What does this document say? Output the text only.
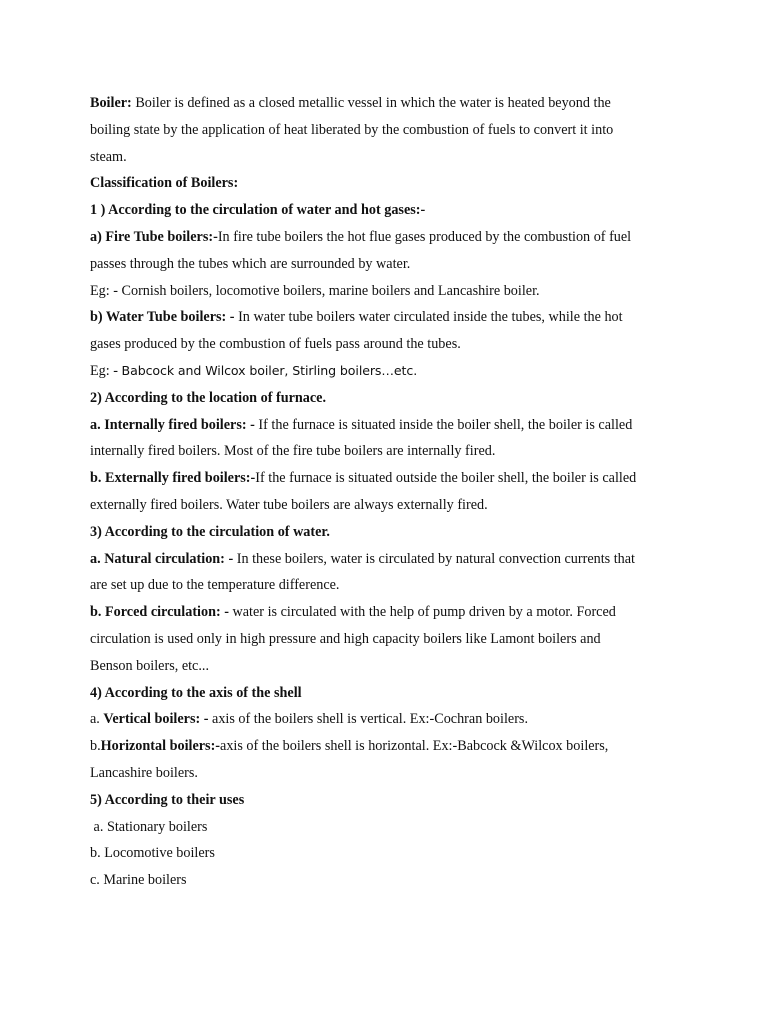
Boiler: Boiler is defined as a closed metallic vessel in which the water is heated beyond the

boiling state by the application of heat liberated by the combustion of fuels to convert it into

steam.

Classification of Boilers:

1 ) According to the circulation of water and hot gases:-

a) Fire Tube boilers:-In fire tube boilers the hot flue gases produced by the combustion of fuel

passes through the tubes which are surrounded by water.

Eg: - Cornish boilers, locomotive boilers, marine boilers and Lancashire boiler.

b) Water Tube boilers: - In water tube boilers water circulated inside the tubes, while the hot

gases produced by the combustion of fuels pass around the tubes.

Eg: - Babcock and Wilcox boiler, Stirling boilers…etc.

2) According to the location of furnace.

a. Internally fired boilers: - If the furnace is situated inside the boiler shell, the boiler is called

internally fired boilers. Most of the fire tube boilers are internally fired.

b. Externally fired boilers:-If the furnace is situated outside the boiler shell, the boiler is called

externally fired boilers. Water tube boilers are always externally fired.

3) According to the circulation of water.

a. Natural circulation: - In these boilers, water is circulated by natural convection currents that

are set up due to the temperature difference.

b. Forced circulation: - water is circulated with the help of pump driven by a motor. Forced

circulation is used only in high pressure and high capacity boilers like Lamont boilers and

Benson boilers, etc...

4) According to the axis of the shell

a. Vertical boilers: - axis of the boilers shell is vertical. Ex:-Cochran boilers.

b.Horizontal boilers:-axis of the boilers shell is horizontal. Ex:-Babcock &Wilcox boilers,
Lancashire boilers.

5) According to their uses

a. Stationary boilers

b. Locomotive boilers

c. Marine boilers
